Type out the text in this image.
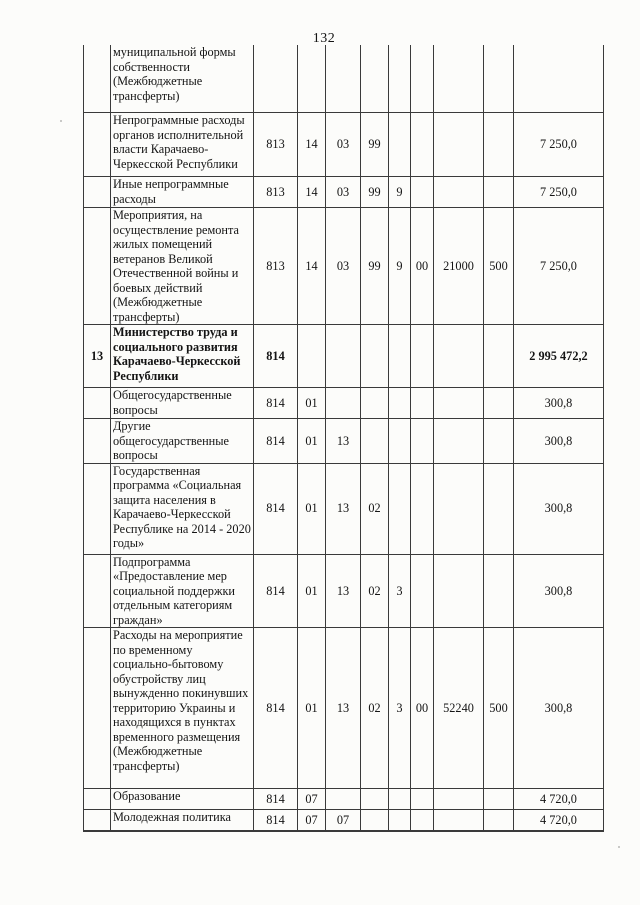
132
	муниципальной формы собственности (Межбюджетные трансферты)									
	Непрограммные расходы органов исполнительной власти Карачаево-Черкесской Республики	813	14	03	99					7 250,0
	Иные непрограммные расходы	813	14	03	99	9				7 250,0
	Мероприятия, на осуществление ремонта жилых помещений ветеранов Великой Отечественной войны и боевых действий (Межбюджетные трансферты)	813	14	03	99	9	00	21000	500	7 250,0
13	Министерство труда и социального развития Карачаево-Черкесской Республики	814								2 995 472,2
	Общегосударственные вопросы	814	01							300,8
	Другие общегосударственные вопросы	814	01	13						300,8
	Государственная программа «Социальная защита населения в Карачаево-Черкесской Республике на 2014 - 2020 годы»	814	01	13	02					300,8
	Подпрограмма «Предоставление мер социальной поддержки отдельным категориям граждан»	814	01	13	02	3				300,8
	Расходы на мероприятие по временному социально-бытовому обустройству лиц вынужденно покинувших территорию Украины и находящихся в пунктах временного размещения (Межбюджетные трансферты)	814	01	13	02	3	00	52240	500	300,8
	Образование	814	07							4 720,0
	Молодежная политика	814	07	07						4 720,0
